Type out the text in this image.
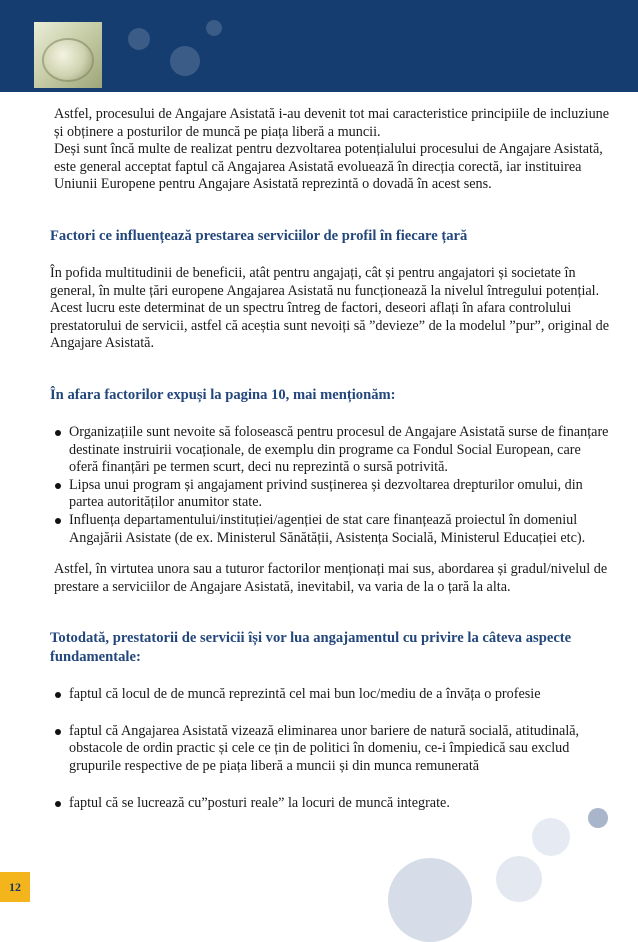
Astfel, procesului de Angajare Asistată i-au devenit tot mai caracteristice principiile de incluziune și obținere a posturilor de muncă pe piața liberă a muncii.

Deși sunt încă multe de realizat pentru dezvoltarea potențialului procesului de Angajare Asistată, este general acceptat faptul că Angajarea Asistată evoluează în direcția corectă, iar instituirea Uniunii Europene pentru Angajare Asistată reprezintă o dovadă în acest sens.

Factori ce influențează prestarea serviciilor de profil în fiecare țară

În pofida multitudinii de beneficii, atât pentru angajați, cât și pentru angajatori și societate în general, în multe țări europene Angajarea Asistată nu funcționează la nivelul întregului potențial. Acest lucru este determinat de un spectru întreg de factori, deseori aflați în afara controlului prestatorului de servicii, astfel că aceștia sunt nevoiți să ”devieze” de la modelul ”pur”, original de Angajare Asistată.

În afara factorilor expuși la pagina 10, mai menționăm:

Organizațiile sunt nevoite să folosească pentru procesul de Angajare Asistată surse de finanțare destinate instruirii vocaționale, de exemplu din programe ca Fondul Social European, care oferă finanțări pe termen scurt, deci nu reprezintă o sursă potrivită.
Lipsa unui program și angajament privind susținerea și dezvoltarea drepturilor omului, din partea autorităților anumitor state.
Influența departamentului/instituției/agenției de stat care finanțează proiectul în domeniul Angajării Asistate (de ex. Ministerul Sănătății, Asistența Socială, Ministerul Educației etc).

Astfel, în virtutea unora sau a tuturor factorilor menționați mai sus, abordarea și gradul/nivelul de prestare a serviciilor de Angajare Asistată, inevitabil, va varia de la o țară la alta.

Totodată, prestatorii de servicii își vor lua angajamentul cu privire la câteva aspecte fundamentale:

faptul că locul de de muncă reprezintă cel mai bun loc/mediu de a învăța o profesie
faptul că Angajarea Asistată vizează eliminarea unor bariere de natură socială, atitudinală, obstacole de ordin practic și cele ce țin de politici în domeniu, ce-i împiedică sau exclud grupurile respective de pe piața liberă a muncii și din munca remunerată
faptul că se lucrează cu”posturi reale” la locuri de muncă integrate.
12
